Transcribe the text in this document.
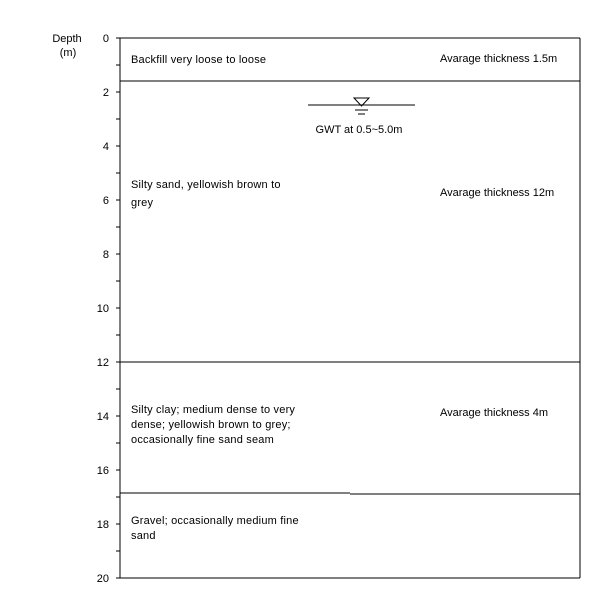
Depth
(m)
0
2
4
6
8
10
12
14
16
18
20
Backfill very loose to loose	Avarage thickness 1.5m
Silty sand, yellowish brown to
grey
Avarage thickness 12m
GWT at 0.5~5.0m
Silty clay; medium dense to very
dense; yellowish brown to grey;
occasionally fine sand seam
Avarage thickness 4m
Gravel; occasionally medium fine
sand
